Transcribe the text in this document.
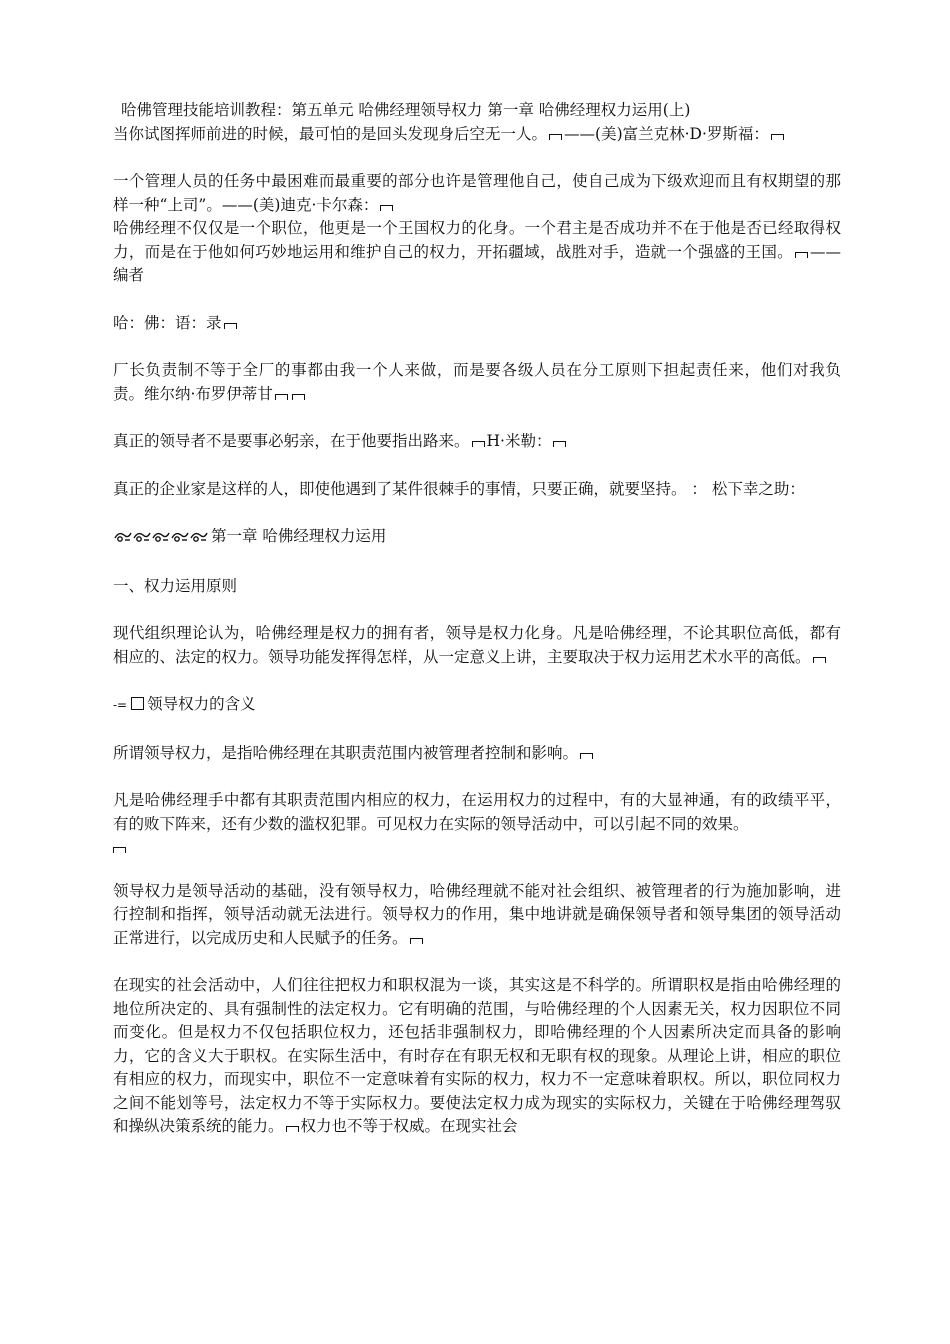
哈佛管理技能培训教程：第五单元 哈佛经理领导权力 第一章 哈佛经理权力运用(上)
当你试图挥师前进的时候，最可怕的是回头发现身后空无一人。 ——(美)富兰克林·D·罗斯福：
一个管理人员的任务中最困难而最重要的部分也许是管理他自己，使自己成为下级欢迎而且有权期望的那样一种“上司”。——(美)迪克·卡尔森：
哈佛经理不仅仅是一个职位，他更是一个王国权力的化身。一个君主是否成功并不在于他是否已经取得权力，而是在于他如何巧妙地运用和维护自己的权力，开拓疆域，战胜对手，造就一个强盛的王国。 ——编者
哈：佛：语：录
厂长负责制不等于全厂的事都由我一个人来做，而是要各级人员在分工原则下担起责任来，他们对我负责。维尔纳·布罗伊蒂甘
真正的领导者不是要事必躬亲，在于他要指出路来。 H·米勒：
真正的企业家是这样的人，即使他遇到了某件很棘手的事情，只要正确，就要坚持。 ： 松下幸之助：
第一章 哈佛经理权力运用
一、权力运用原则
现代组织理论认为，哈佛经理是权力的拥有者，领导是权力化身。凡是哈佛经理，不论其职位高低，都有相应的、法定的权力。领导功能发挥得怎样，从一定意义上讲，主要取决于权力运用艺术水平的高低。
-= 领导权力的含义
所谓领导权力，是指哈佛经理在其职责范围内被管理者控制和影响。
凡是哈佛经理手中都有其职责范围内相应的权力，在运用权力的过程中，有的大显神通，有的政绩平平，有的败下阵来，还有少数的滥权犯罪。可见权力在实际的领导活动中，可以引起不同的效果。

领导权力是领导活动的基础，没有领导权力，哈佛经理就不能对社会组织、被管理者的行为施加影响，进行控制和指挥，领导活动就无法进行。领导权力的作用，集中地讲就是确保领导者和领导集团的领导活动正常进行，以完成历史和人民赋予的任务。
在现实的社会活动中，人们往往把权力和职权混为一谈，其实这是不科学的。所谓职权是指由哈佛经理的地位所决定的、具有强制性的法定权力。它有明确的范围，与哈佛经理的个人因素无关，权力因职位不同而变化。但是权力不仅包括职位权力，还包括非强制权力，即哈佛经理的个人因素所决定而具备的影响力，它的含义大于职权。在实际生活中，有时存在有职无权和无职有权的现象。从理论上讲，相应的职位有相应的权力，而现实中，职位不一定意味着有实际的权力，权力不一定意味着职权。所以，职位同权力之间不能划等号，法定权力不等于实际权力。要使法定权力成为现实的实际权力，关键在于哈佛经理驾驭和操纵决策系统的能力。 权力也不等于权威。在现实社会
